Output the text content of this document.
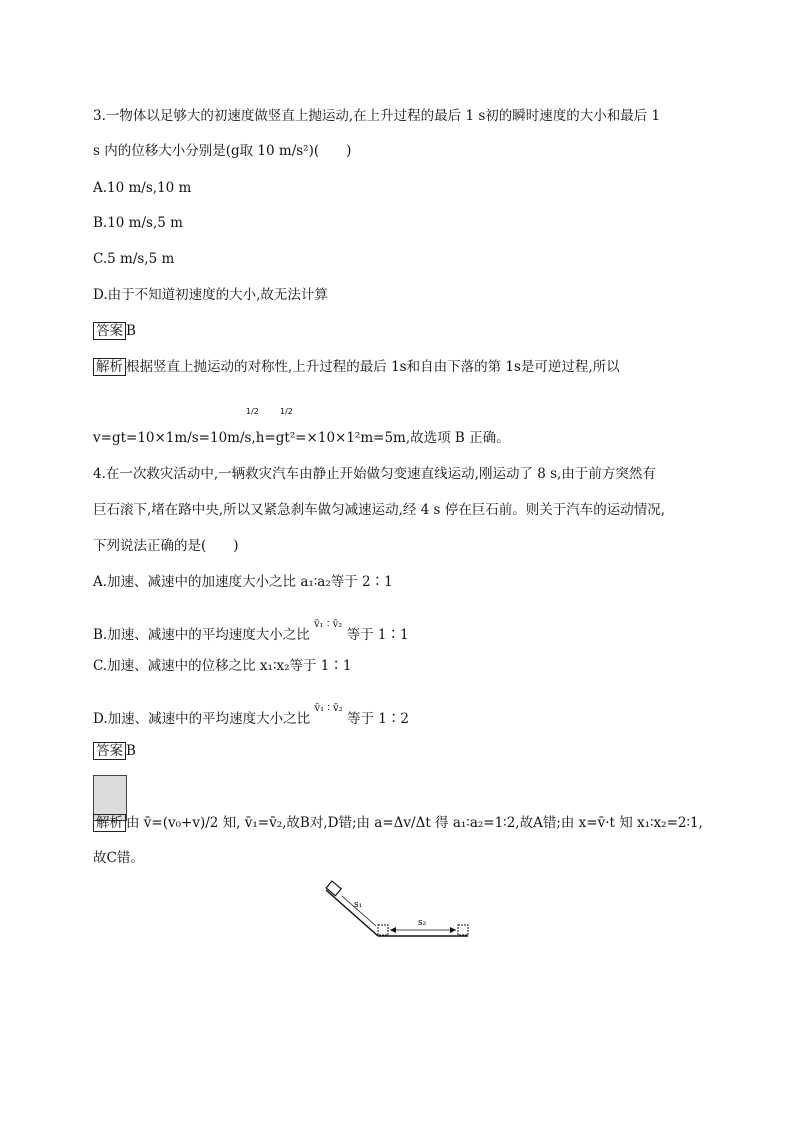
3.一物体以足够大的初速度做竖直上抛运动,在上升过程的最后 1 s初的瞬时速度的大小和最后 1
s 内的位移大小分别是(g取 10 m/s²)(　　)
A.10 m/s,10 m
B.10 m/s,5 m
C.5 m/s,5 m
D.由于不知道初速度的大小,故无法计算
答案 B
解析 根据竖直上抛运动的对称性,上升过程的最后 1s和自由下落的第 1s是可逆过程,所以
1/2	1/2
v=gt=10×1m/s=10m/s,h=gt²=×10×1²m=5m,故选项 B 正确。
4.在一次救灾活动中,一辆救灾汽车由静止开始做匀变速直线运动,刚运动了 8 s,由于前方突然有
巨石滚下,堵在路中央,所以又紧急刹车做匀减速运动,经 4 s 停在巨石前。则关于汽车的运动情况,
下列说法正确的是(　　)
A.加速、减速中的加速度大小之比 a₁∶a₂等于 2∶1
B.加速、减速中的平均速度大小之比 $^{v̄_1 ∶ v̄_2}$ 等于 1∶1
C.加速、减速中的位移之比 x₁∶x₂等于 1∶1
D.加速、减速中的平均速度大小之比 $^{v̄_1 ∶ v̄_2}$ 等于 1∶2
答案 B
解析 由 v̄=(v₀+v)/2 知, v̄₁=v̄₂,故B对,D错;由 a=Δv/Δt 得 a₁∶a₂=1∶2,故A错;由 x=v̄·t 知 x₁∶x₂=2∶1,
故C错。
s₁
s₂
